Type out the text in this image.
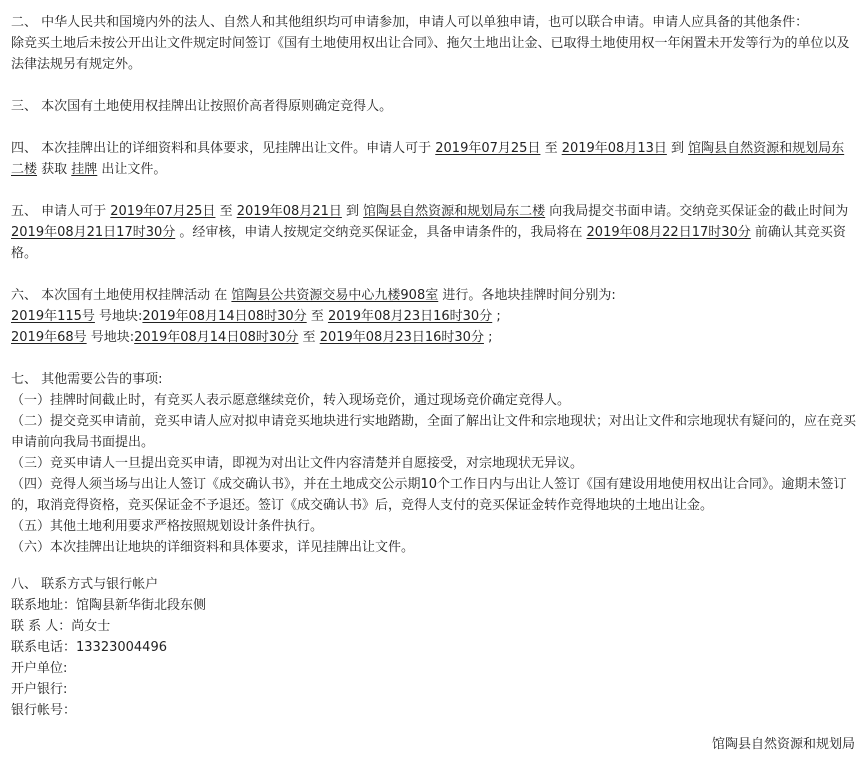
二、 中华人民共和国境内外的法人、自然人和其他组织均可申请参加，申请人可以单独申请，也可以联合申请。申请人应具备的其他条件：

除竞买土地后未按公开出让文件规定时间签订《国有土地使用权出让合同》、拖欠土地出让金、已取得土地使用权一年闲置未开发等行为的单位以及法律法规另有规定外。

三、 本次国有土地使用权挂牌出让按照价高者得原则确定竞得人。

四、 本次挂牌出让的详细资料和具体要求，见挂牌出让文件。申请人可于 2019年07月25日 至 2019年08月13日 到 馆陶县自然资源和规划局东二楼 获取 挂牌 出让文件。

五、 申请人可于 2019年07月25日 至 2019年08月21日 到 馆陶县自然资源和规划局东二楼 向我局提交书面申请。交纳竞买保证金的截止时间为2019年08月21日17时30分 。经审核，申请人按规定交纳竞买保证金，具备申请条件的，我局将在 2019年08月22日17时30分 前确认其竞买资格。

六、 本次国有土地使用权挂牌活动 在 馆陶县公共资源交易中心九楼908室 进行。各地块挂牌时间分别为:

2019年115号 号地块:2019年08月14日08时30分 至 2019年08月23日16时30分 ;

2019年68号 号地块:2019年08月14日08时30分 至 2019年08月23日16时30分 ;

七、 其他需要公告的事项:

（一）挂牌时间截止时，有竞买人表示愿意继续竞价，转入现场竞价，通过现场竞价确定竞得人。

（二）提交竞买申请前，竞买申请人应对拟申请竞买地块进行实地踏勘，全面了解出让文件和宗地现状；对出让文件和宗地现状有疑问的，应在竞买申请前向我局书面提出。

（三）竞买申请人一旦提出竞买申请，即视为对出让文件内容清楚并自愿接受，对宗地现状无异议。

（四）竞得人须当场与出让人签订《成交确认书》，并在土地成交公示期10个工作日内与出让人签订《国有建设用地使用权出让合同》。逾期未签订的，取消竞得资格，竞买保证金不予退还。签订《成交确认书》后，竞得人支付的竞买保证金转作竞得地块的土地出让金。

（五）其他土地利用要求严格按照规划设计条件执行。

（六）本次挂牌出让地块的详细资料和具体要求，详见挂牌出让文件。

八、 联系方式与银行帐户

联系地址：馆陶县新华街北段东侧

联 系 人：尚女士

联系电话：13323004496

开户单位:

开户银行:

银行帐号：

馆陶县自然资源和规划局
